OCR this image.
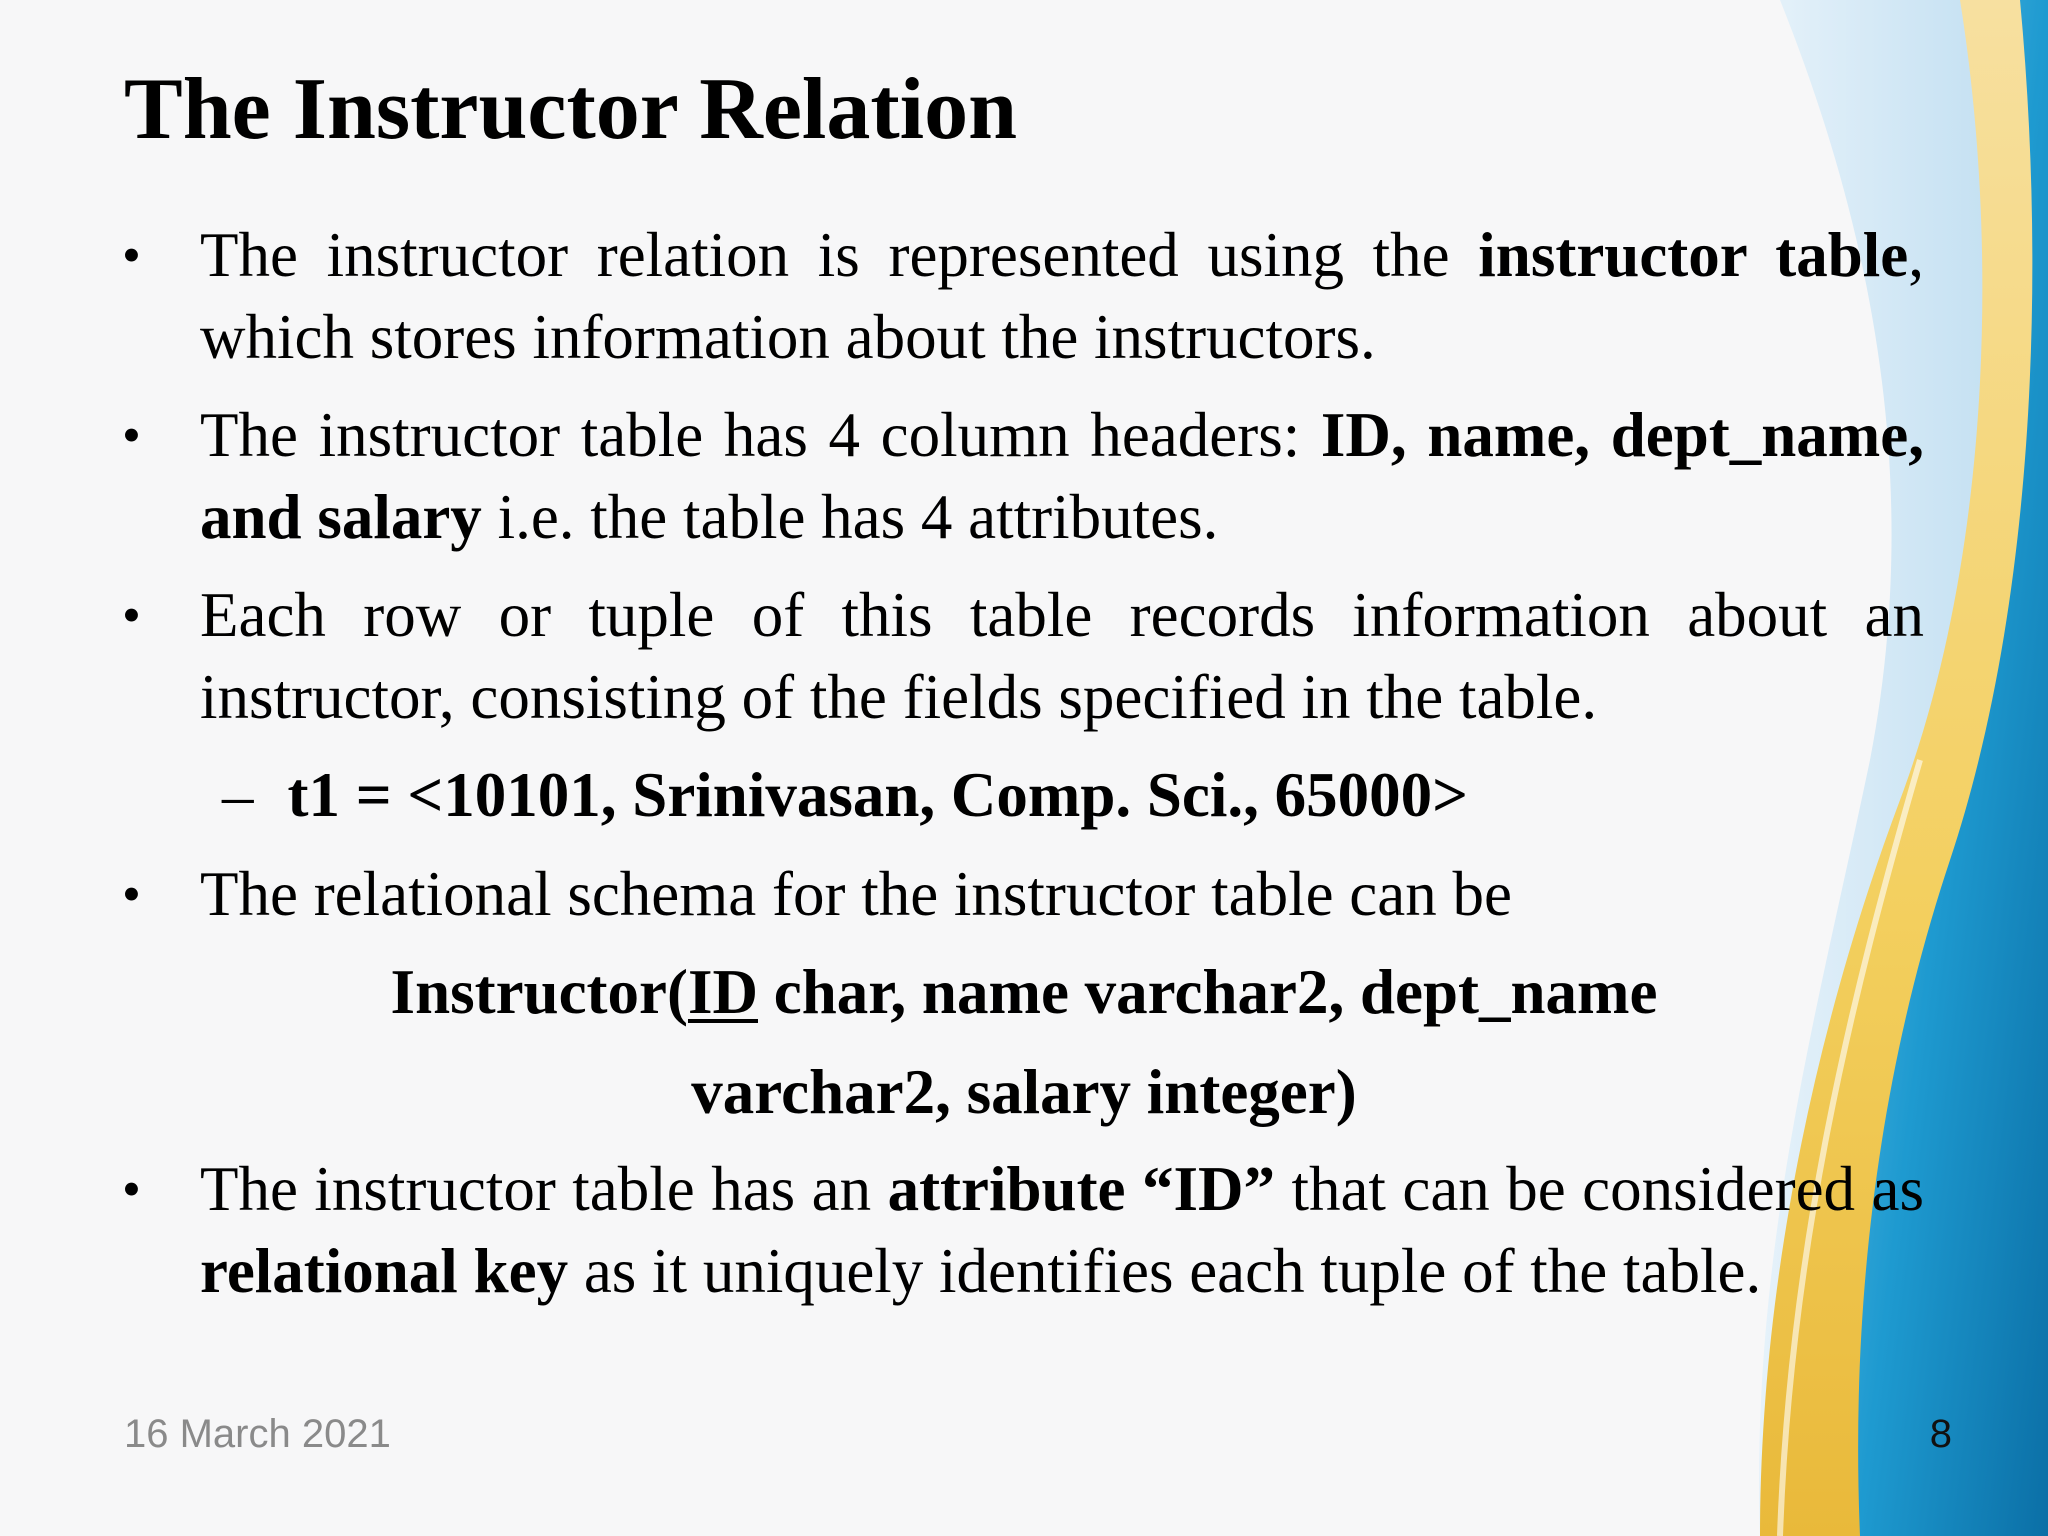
The Instructor Relation
• The instructor relation is represented using the instructor table, which stores information about the instructors.
• The instructor table has 4 column headers: ID, name, dept_name, and salary i.e. the table has 4 attributes.
• Each row or tuple of this table records information about an instructor, consisting of the fields specified in the table.
– t1 = <10101, Srinivasan, Comp. Sci., 65000>
• The relational schema for the instructor table can be
Instructor(ID char, name varchar2, dept_name
varchar2, salary integer)
• The instructor table has an attribute “ID” that can be considered as relational key as it uniquely identifies each tuple of the table.
16 March 2021	8
